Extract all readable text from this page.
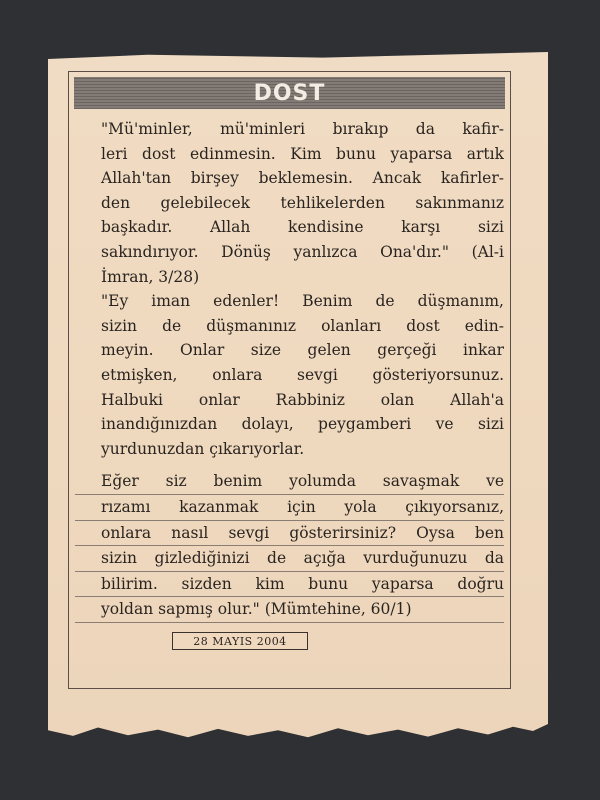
DOST
"Mü'minler, mü'minleri bırakıp da kafir-
leri dost edinmesin. Kim bunu yaparsa artık
Allah'tan birşey beklemesin. Ancak kafirler-
den gelebilecek tehlikelerden sakınmanız
başkadır. Allah kendisine karşı sizi
sakındırıyor. Dönüş yanlızca Ona'dır." (Al-i
İmran, 3/28)
"Ey iman edenler! Benim de düşmanım,
sizin de düşmanınız olanları dost edin-
meyin. Onlar size gelen gerçeği inkar
etmişken, onlara sevgi gösteriyorsunuz.
Halbuki onlar Rabbiniz olan Allah'a
inandığınızdan dolayı, peygamberi ve sizi
yurdunuzdan çıkarıyorlar.
Eğer siz benim yolumda savaşmak ve
rızamı kazanmak için yola çıkıyorsanız,
onlara nasıl sevgi gösterirsiniz? Oysa ben
sizin gizlediğinizi de açığa vurduğunuzu da
bilirim. sizden kim bunu yaparsa doğru
yoldan sapmış olur." (Mümtehine, 60/1)
28 MAYIS 2004
